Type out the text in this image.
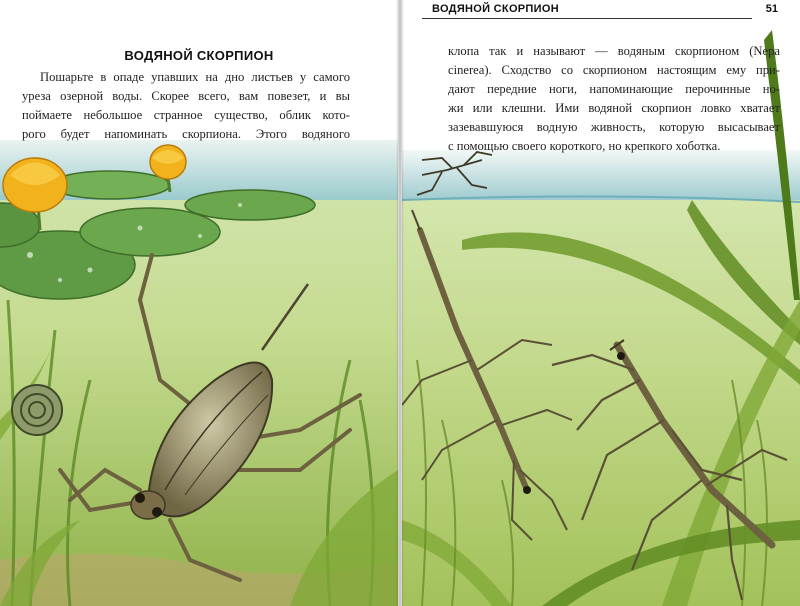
ВОДЯНОЙ СКОРПИОН
Пошарьте в опаде упавших на дно листьев у самого
уреза озерной воды. Скорее всего, вам повезет, и вы
поймаете небольшое странное существо, облик кото-
рого будет напоминать скорпиона. Этого водяного
ВОДЯНОЙ СКОРПИОН	51
клопа так и называют — водяным скорпионом (Nepa
cinerea). Сходство со скорпионом настоящим ему при-
дают передние ноги, напоминающие перочинные но-
жи или клешни. Ими водяной скорпион ловко хватает
зазевавшуюся водную живность, которую высасывает
с помощью своего короткого, но крепкого хоботка.
